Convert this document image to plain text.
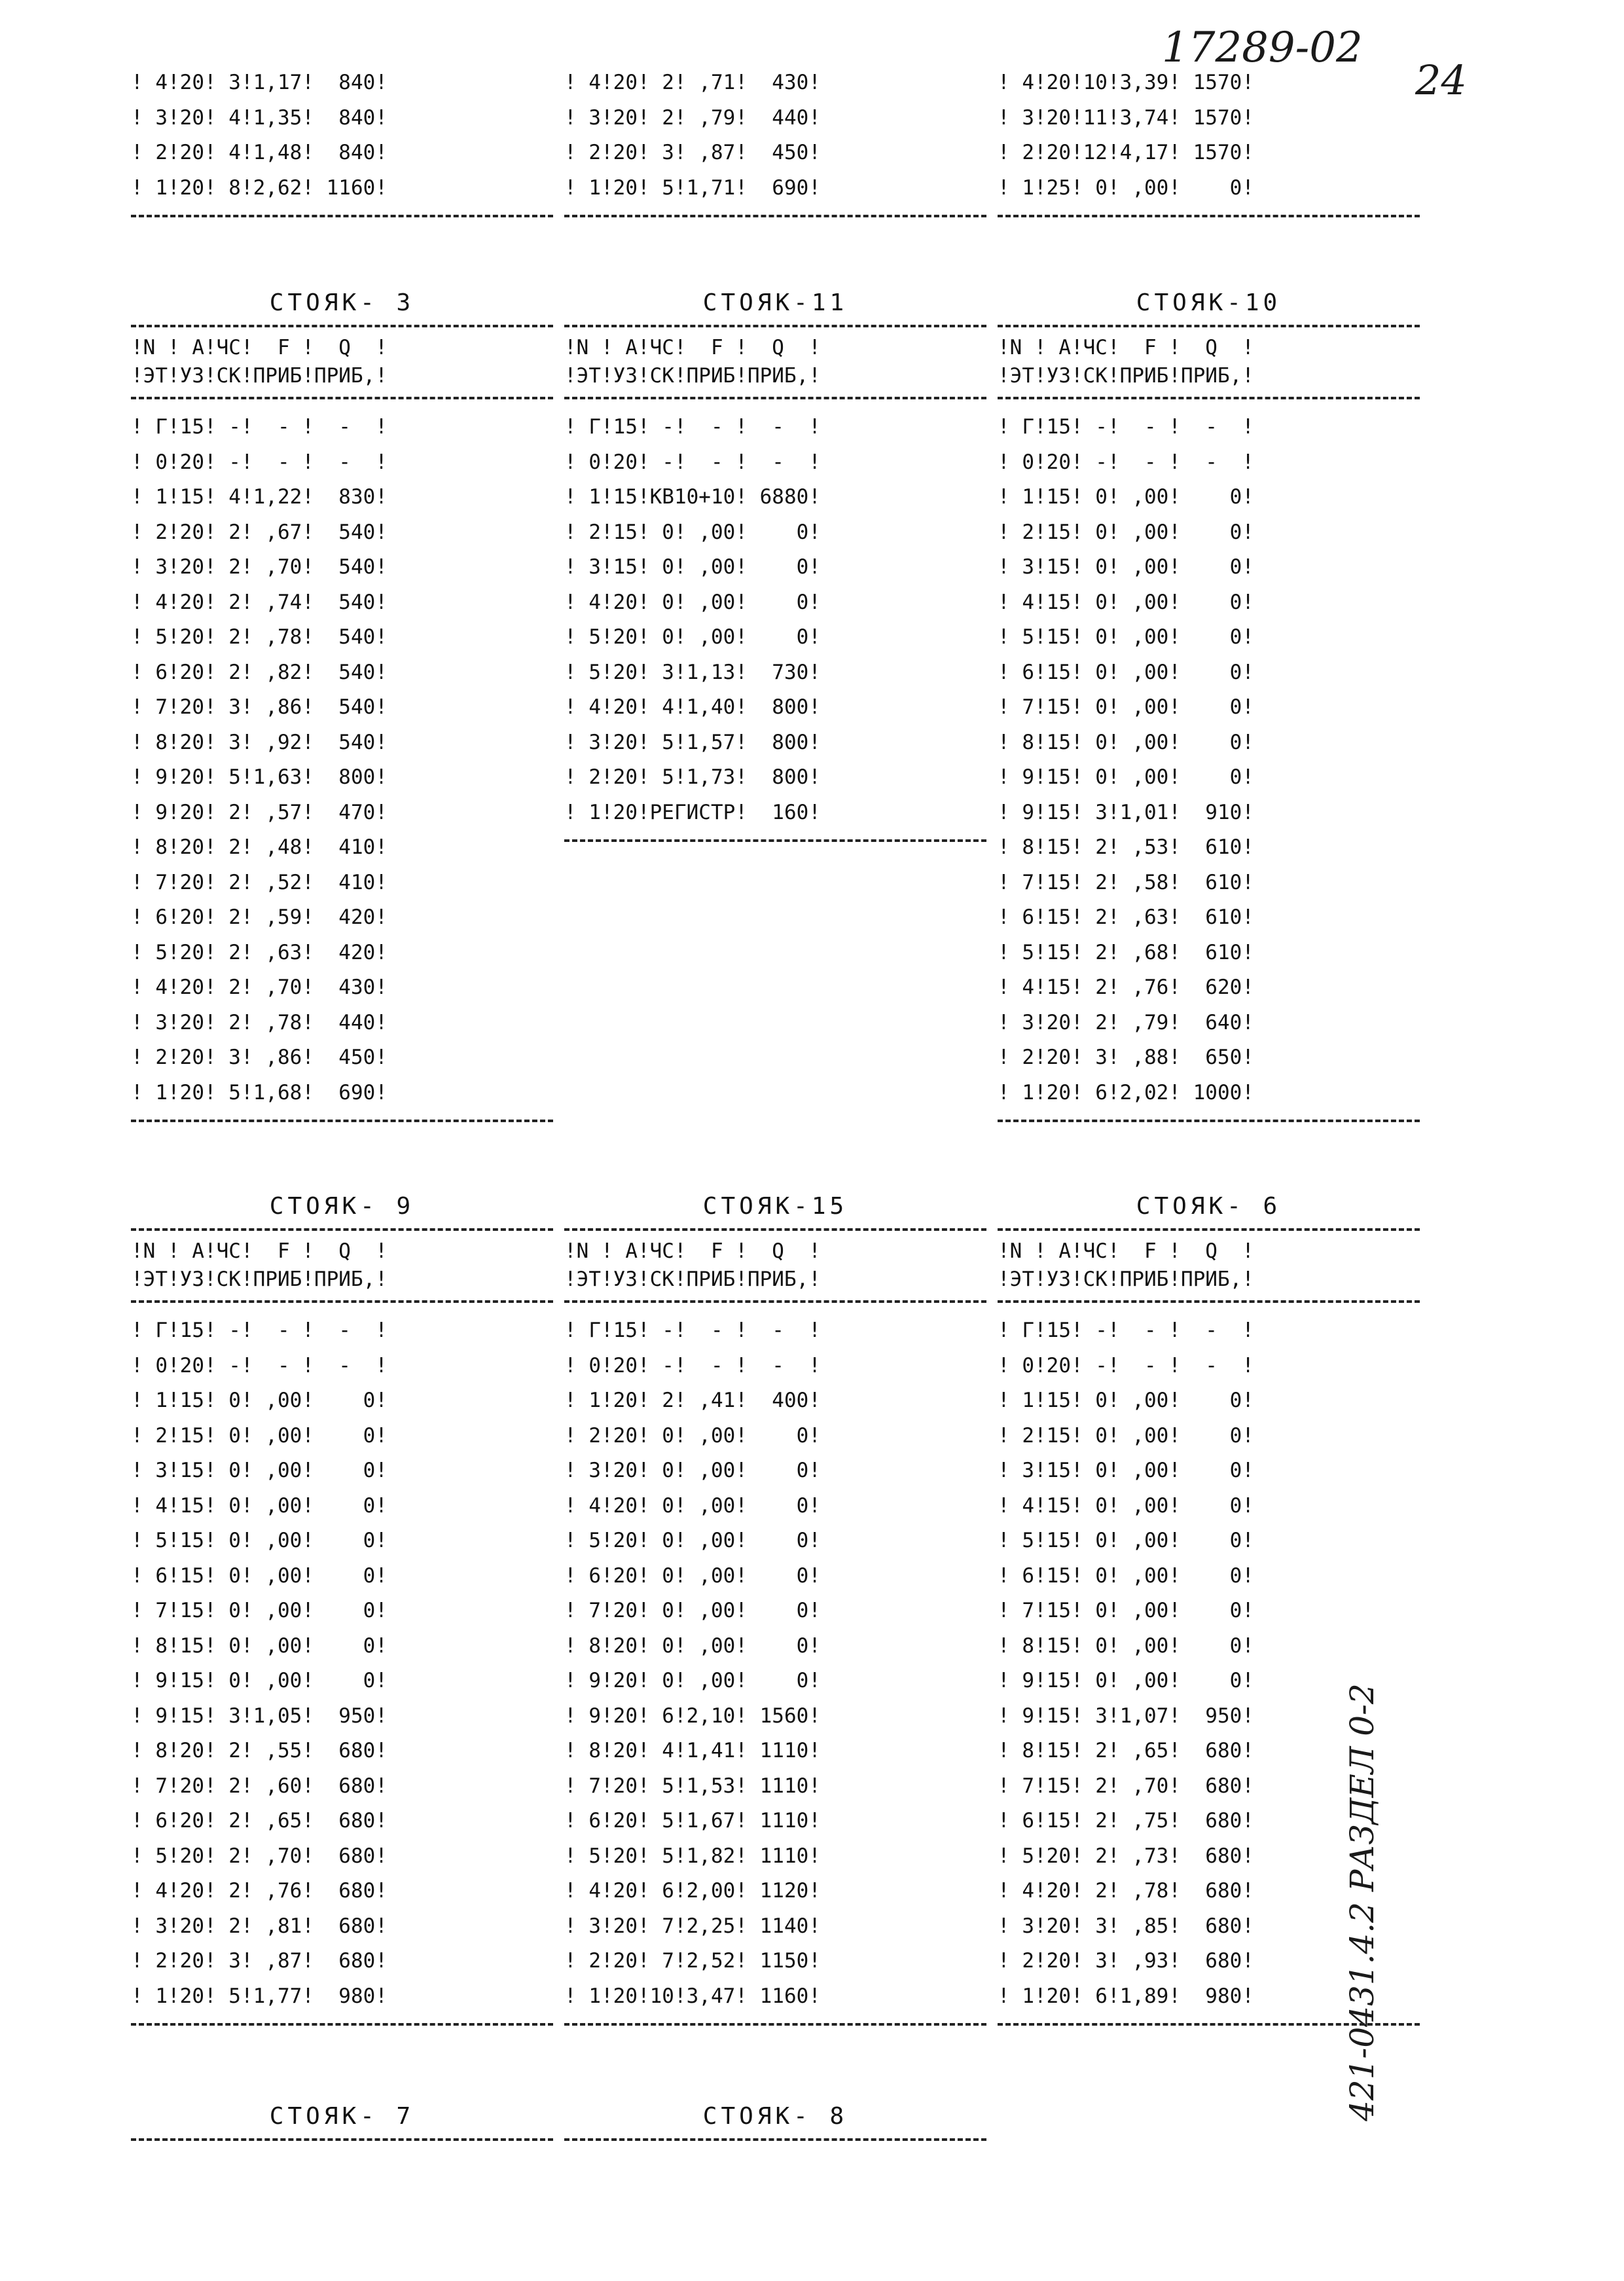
17289-02
24
421-0431.4.2 РАЗДЕЛ 0-2
! 4!20! 3!1,17!  840!
! 3!20! 4!1,35!  840!
! 2!20! 4!1,48!  840!
! 1!20! 8!2,62! 1160!
! 4!20! 2! ,71!  430!
! 3!20! 2! ,79!  440!
! 2!20! 3! ,87!  450!
! 1!20! 5!1,71!  690!
! 4!20!10!3,39! 1570!
! 3!20!11!3,74! 1570!
! 2!20!12!4,17! 1570!
! 1!25! 0! ,00!    0!
СТОЯК- 3
!N ! А!ЧС!  F !  Q  !
!ЭТ!УЗ!СК!ПРИБ!ПРИБ,!
! Г!15! -!  - !  -  !
! 0!20! -!  - !  -  !
! 1!15! 4!1,22!  830!
! 2!20! 2! ,67!  540!
! 3!20! 2! ,70!  540!
! 4!20! 2! ,74!  540!
! 5!20! 2! ,78!  540!
! 6!20! 2! ,82!  540!
! 7!20! 3! ,86!  540!
! 8!20! 3! ,92!  540!
! 9!20! 5!1,63!  800!
! 9!20! 2! ,57!  470!
! 8!20! 2! ,48!  410!
! 7!20! 2! ,52!  410!
! 6!20! 2! ,59!  420!
! 5!20! 2! ,63!  420!
! 4!20! 2! ,70!  430!
! 3!20! 2! ,78!  440!
! 2!20! 3! ,86!  450!
! 1!20! 5!1,68!  690!
СТОЯК-11
!N ! А!ЧС!  F !  Q  !
!ЭТ!УЗ!СК!ПРИБ!ПРИБ,!
! Г!15! -!  - !  -  !
! 0!20! -!  - !  -  !
! 1!15!КВ10+10! 6880!
! 2!15! 0! ,00!    0!
! 3!15! 0! ,00!    0!
! 4!20! 0! ,00!    0!
! 5!20! 0! ,00!    0!
! 5!20! 3!1,13!  730!
! 4!20! 4!1,40!  800!
! 3!20! 5!1,57!  800!
! 2!20! 5!1,73!  800!
! 1!20!РЕГИСТР!  160!
СТОЯК-10
!N ! А!ЧС!  F !  Q  !
!ЭТ!УЗ!СК!ПРИБ!ПРИБ,!
! Г!15! -!  - !  -  !
! 0!20! -!  - !  -  !
! 1!15! 0! ,00!    0!
! 2!15! 0! ,00!    0!
! 3!15! 0! ,00!    0!
! 4!15! 0! ,00!    0!
! 5!15! 0! ,00!    0!
! 6!15! 0! ,00!    0!
! 7!15! 0! ,00!    0!
! 8!15! 0! ,00!    0!
! 9!15! 0! ,00!    0!
! 9!15! 3!1,01!  910!
! 8!15! 2! ,53!  610!
! 7!15! 2! ,58!  610!
! 6!15! 2! ,63!  610!
! 5!15! 2! ,68!  610!
! 4!15! 2! ,76!  620!
! 3!20! 2! ,79!  640!
! 2!20! 3! ,88!  650!
! 1!20! 6!2,02! 1000!
СТОЯК- 9
!N ! А!ЧС!  F !  Q  !
!ЭТ!УЗ!СК!ПРИБ!ПРИБ,!
! Г!15! -!  - !  -  !
! 0!20! -!  - !  -  !
! 1!15! 0! ,00!    0!
! 2!15! 0! ,00!    0!
! 3!15! 0! ,00!    0!
! 4!15! 0! ,00!    0!
! 5!15! 0! ,00!    0!
! 6!15! 0! ,00!    0!
! 7!15! 0! ,00!    0!
! 8!15! 0! ,00!    0!
! 9!15! 0! ,00!    0!
! 9!15! 3!1,05!  950!
! 8!20! 2! ,55!  680!
! 7!20! 2! ,60!  680!
! 6!20! 2! ,65!  680!
! 5!20! 2! ,70!  680!
! 4!20! 2! ,76!  680!
! 3!20! 2! ,81!  680!
! 2!20! 3! ,87!  680!
! 1!20! 5!1,77!  980!
СТОЯК-15
!N ! А!ЧС!  F !  Q  !
!ЭТ!УЗ!СК!ПРИБ!ПРИБ,!
! Г!15! -!  - !  -  !
! 0!20! -!  - !  -  !
! 1!20! 2! ,41!  400!
! 2!20! 0! ,00!    0!
! 3!20! 0! ,00!    0!
! 4!20! 0! ,00!    0!
! 5!20! 0! ,00!    0!
! 6!20! 0! ,00!    0!
! 7!20! 0! ,00!    0!
! 8!20! 0! ,00!    0!
! 9!20! 0! ,00!    0!
! 9!20! 6!2,10! 1560!
! 8!20! 4!1,41! 1110!
! 7!20! 5!1,53! 1110!
! 6!20! 5!1,67! 1110!
! 5!20! 5!1,82! 1110!
! 4!20! 6!2,00! 1120!
! 3!20! 7!2,25! 1140!
! 2!20! 7!2,52! 1150!
! 1!20!10!3,47! 1160!
СТОЯК- 6
!N ! А!ЧС!  F !  Q  !
!ЭТ!УЗ!СК!ПРИБ!ПРИБ,!
! Г!15! -!  - !  -  !
! 0!20! -!  - !  -  !
! 1!15! 0! ,00!    0!
! 2!15! 0! ,00!    0!
! 3!15! 0! ,00!    0!
! 4!15! 0! ,00!    0!
! 5!15! 0! ,00!    0!
! 6!15! 0! ,00!    0!
! 7!15! 0! ,00!    0!
! 8!15! 0! ,00!    0!
! 9!15! 0! ,00!    0!
! 9!15! 3!1,07!  950!
! 8!15! 2! ,65!  680!
! 7!15! 2! ,70!  680!
! 6!15! 2! ,75!  680!
! 5!20! 2! ,73!  680!
! 4!20! 2! ,78!  680!
! 3!20! 3! ,85!  680!
! 2!20! 3! ,93!  680!
! 1!20! 6!1,89!  980!
СТОЯК- 7	СТОЯК- 8
